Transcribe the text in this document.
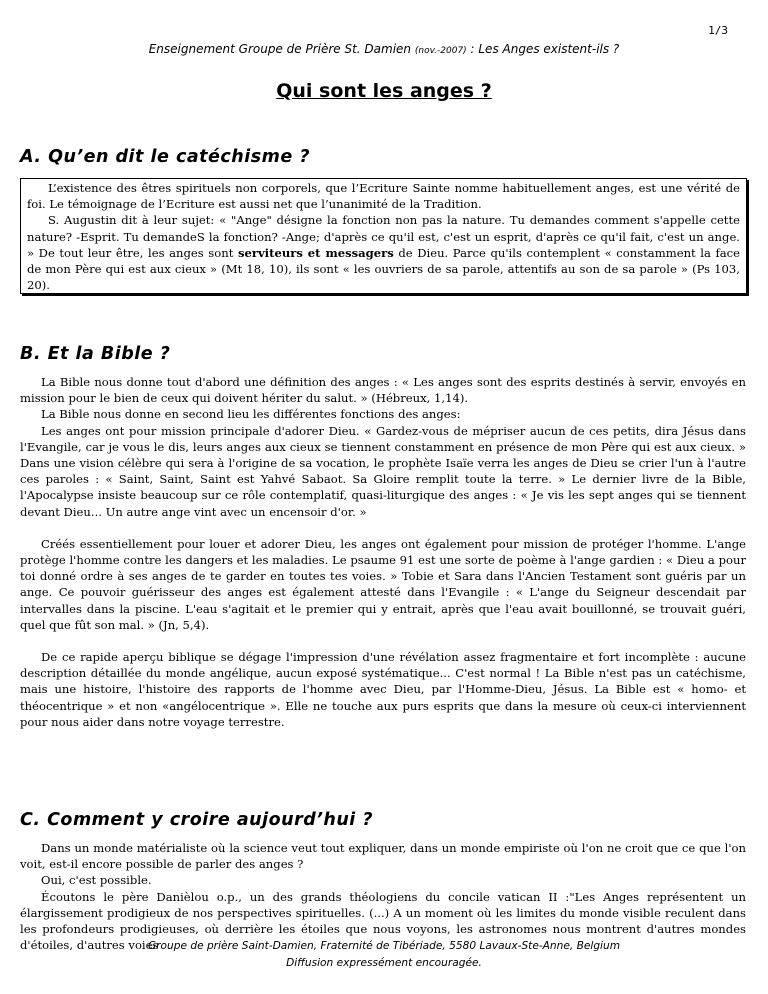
1/3
Enseignement Groupe de Prière St. Damien (nov.-2007) : Les Anges existent-ils ?
Qui sont les anges ?
A. Qu’en dit le catéchisme ?

L’existence des êtres spirituels non corporels, que l’Ecriture Sainte nomme habituellement anges, est une vérité de foi. Le témoignage de l’Ecriture est aussi net que l’unanimité de la Tradition.

S. Augustin dit à leur sujet: « "Ange" désigne la fonction non pas la nature. Tu demandes comment s'appelle cette nature? -Esprit. Tu demandeS la fonction? -Ange; d'après ce qu'il est, c'est un esprit, d'après ce qu'il fait, c'est un ange. » De tout leur être, les anges sont serviteurs et messagers de Dieu. Parce qu'ils contemplent « constamment la face de mon Père qui est aux cieux » (Mt 18, 10), ils sont « les ouvriers de sa parole, attentifs au son de sa parole » (Ps 103, 20).

B. Et la Bible ?

La Bible nous donne tout d'abord une définition des anges : « Les anges sont des esprits destinés à servir, envoyés en mission pour le bien de ceux qui doivent hériter du salut. » (Hébreux, 1,14).

La Bible nous donne en second lieu les différentes fonctions des anges:

Les anges ont pour mission principale d'adorer Dieu. « Gardez-vous de mépriser aucun de ces petits, dira Jésus dans l'Evangile, car je vous le dis, leurs anges aux cieux se tiennent constamment en présence de mon Père qui est aux cieux. » Dans une vision célèbre qui sera à l'origine de sa vocation, le prophète Isaïe verra les anges de Dieu se crier l'un à l'autre ces paroles : « Saint, Saint, Saint est Yahvé Sabaot. Sa Gloire remplit toute la terre. » Le dernier livre de la Bible, l'Apocalypse insiste beaucoup sur ce rôle contemplatif, quasi-liturgique des anges : « Je vis les sept anges qui se tiennent devant Dieu... Un autre ange vint avec un encensoir d'or. »

Créés essentiellement pour louer et adorer Dieu, les anges ont également pour mission de protéger l'homme. L'ange protège l'homme contre les dangers et les maladies. Le psaume 91 est une sorte de poème à l'ange gardien : « Dieu a pour toi donné ordre à ses anges de te garder en toutes tes voies. » Tobie et Sara dans l'Ancien Testament sont guéris par un ange. Ce pouvoir guérisseur des anges est également attesté dans l'Evangile : « L'ange du Seigneur descendait par intervalles dans la piscine. L'eau s'agitait et le premier qui y entrait, après que l'eau avait bouillonné, se trouvait guéri, quel que fût son mal. » (Jn, 5,4).

De ce rapide aperçu biblique se dégage l'impression d'une révélation assez fragmentaire et fort incomplète : aucune description détaillée du monde angélique, aucun exposé systématique... C'est normal ! La Bible n'est pas un catéchisme, mais une histoire, l'histoire des rapports de l'homme avec Dieu, par l'Homme-Dieu, Jésus. La Bible est « homo- et théocentrique » et non «angélocentrique ». Elle ne touche aux purs esprits que dans la mesure où ceux-ci interviennent pour nous aider dans notre voyage terrestre.

C. Comment y croire aujourd’hui ?

Dans un monde matérialiste où la science veut tout expliquer, dans un monde empiriste où l'on ne croit que ce que l'on voit, est-il encore possible de parler des anges ?

Oui, c'est possible.

Écoutons le père Danièlou o.p., un des grands théologiens du concile vatican II :"Les Anges représentent un élargissement prodigieux de nos perspectives spirituelles. (...) A un moment où les limites du monde visible reculent dans les profondeurs prodigieuses, où derrière les étoiles que nous voyons, les astronomes nous montrent d'autres mondes d'étoiles, d'autres voies

Groupe de prière Saint-Damien, Fraternité de Tibériade, 5580 Lavaux-Ste-Anne, Belgium
Diffusion expressément encouragée.
